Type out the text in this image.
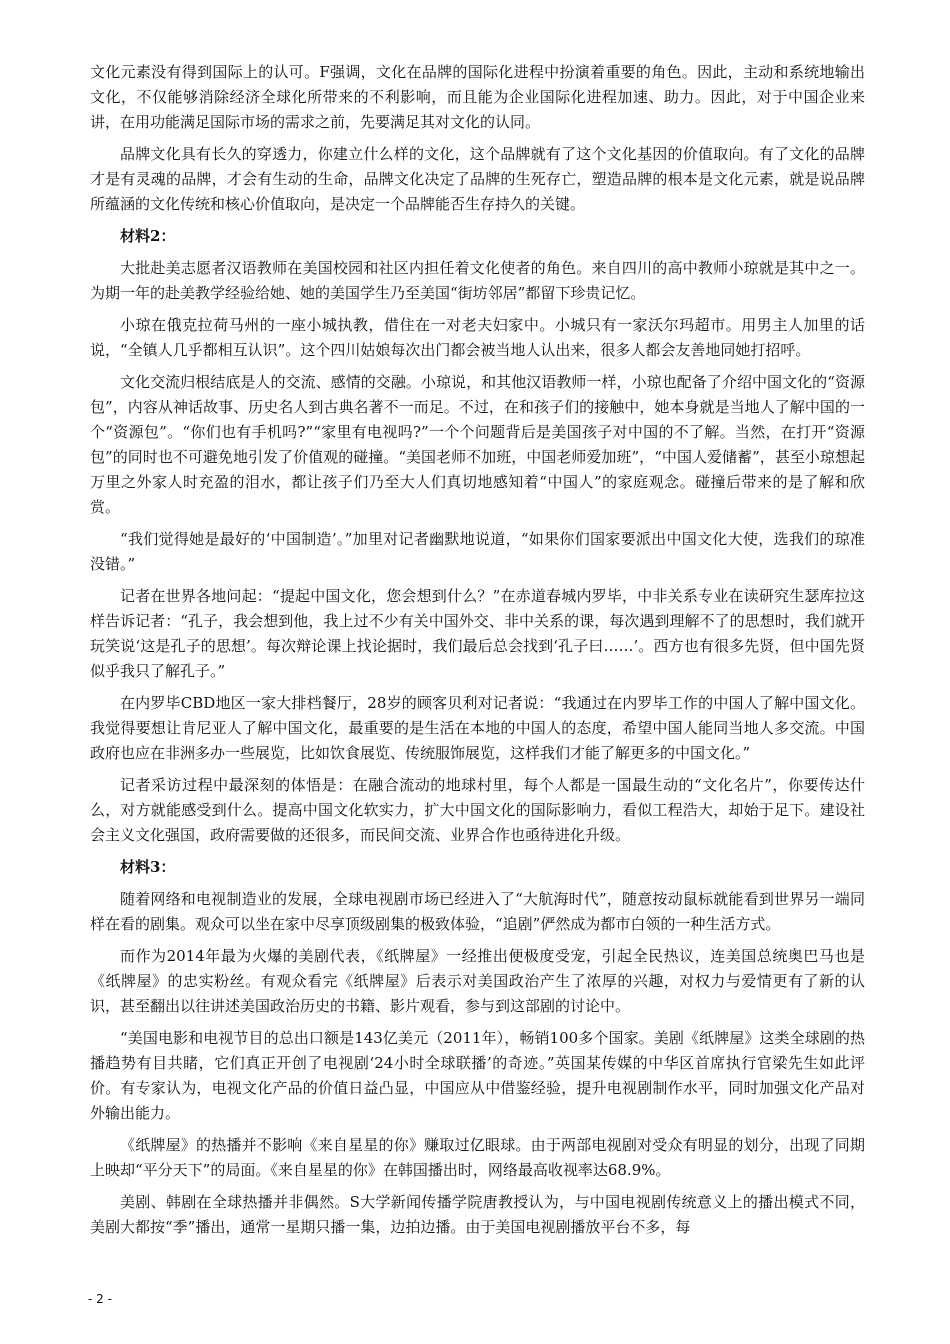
文化元素没有得到国际上的认可。F强调，文化在品牌的国际化进程中扮演着重要的角色。因此，主动和系统地输出文化，不仅能够消除经济全球化所带来的不利影响，而且能为企业国际化进程加速、助力。因此，对于中国企业来讲，在用功能满足国际市场的需求之前，先要满足其对文化的认同。

品牌文化具有长久的穿透力，你建立什么样的文化，这个品牌就有了这个文化基因的价值取向。有了文化的品牌才是有灵魂的品牌，才会有生动的生命，品牌文化决定了品牌的生死存亡，塑造品牌的根本是文化元素，就是说品牌所蕴涵的文化传统和核心价值取向，是决定一个品牌能否生存持久的关键。

材料2：

大批赴美志愿者汉语教师在美国校园和社区内担任着文化使者的角色。来自四川的高中教师小琼就是其中之一。为期一年的赴美教学经验给她、她的美国学生乃至美国“街坊邻居”都留下珍贵记忆。

小琼在俄克拉荷马州的一座小城执教，借住在一对老夫妇家中。小城只有一家沃尔玛超市。用男主人加里的话说，“全镇人几乎都相互认识”。这个四川姑娘每次出门都会被当地人认出来，很多人都会友善地同她打招呼。

文化交流归根结底是人的交流、感情的交融。小琼说，和其他汉语教师一样，小琼也配备了介绍中国文化的“资源包”，内容从神话故事、历史名人到古典名著不一而足。不过，在和孩子们的接触中，她本身就是当地人了解中国的一个“资源包”。“你们也有手机吗?”“家里有电视吗?”一个个问题背后是美国孩子对中国的不了解。当然，在打开“资源包”的同时也不可避免地引发了价值观的碰撞。“美国老师不加班，中国老师爱加班”，“中国人爱储蓄”，甚至小琼想起万里之外家人时充盈的泪水，都让孩子们乃至大人们真切地感知着“中国人”的家庭观念。碰撞后带来的是了解和欣赏。

“我们觉得她是最好的‘中国制造’。”加里对记者幽默地说道，“如果你们国家要派出中国文化大使，选我们的琼准没错。”

记者在世界各地问起：“提起中国文化，您会想到什么？”在赤道春城内罗毕，中非关系专业在读研究生瑟库拉这样告诉记者：“孔子，我会想到他，我上过不少有关中国外交、非中关系的课，每次遇到理解不了的思想时，我们就开玩笑说‘这是孔子的思想’。每次辩论课上找论据时，我们最后总会找到‘孔子曰……’。西方也有很多先贤，但中国先贤似乎我只了解孔子。”

在内罗毕CBD地区一家大排档餐厅，28岁的顾客贝利对记者说：“我通过在内罗毕工作的中国人了解中国文化。我觉得要想让肯尼亚人了解中国文化，最重要的是生活在本地的中国人的态度，希望中国人能同当地人多交流。中国政府也应在非洲多办一些展览，比如饮食展览、传统服饰展览，这样我们才能了解更多的中国文化。”

记者采访过程中最深刻的体悟是：在融合流动的地球村里，每个人都是一国最生动的“文化名片”，你要传达什么，对方就能感受到什么。提高中国文化软实力，扩大中国文化的国际影响力，看似工程浩大，却始于足下。建设社会主义文化强国，政府需要做的还很多，而民间交流、业界合作也亟待进化升级。

材料3：

随着网络和电视制造业的发展，全球电视剧市场已经进入了“大航海时代”，随意按动鼠标就能看到世界另一端同样在看的剧集。观众可以坐在家中尽享顶级剧集的极致体验，“追剧”俨然成为都市白领的一种生活方式。

而作为2014年最为火爆的美剧代表，《纸牌屋》一经推出便极度受宠，引起全民热议，连美国总统奥巴马也是《纸牌屋》的忠实粉丝。有观众看完《纸牌屋》后表示对美国政治产生了浓厚的兴趣，对权力与爱情更有了新的认识，甚至翻出以往讲述美国政治历史的书籍、影片观看，参与到这部剧的讨论中。

“美国电影和电视节目的总出口额是143亿美元（2011年），畅销100多个国家。美剧《纸牌屋》这类全球剧的热播趋势有目共睹，它们真正开创了电视剧‘24小时全球联播’的奇迹。”英国某传媒的中华区首席执行官梁先生如此评价。有专家认为，电视文化产品的价值日益凸显，中国应从中借鉴经验，提升电视剧制作水平，同时加强文化产品对外输出能力。

《纸牌屋》的热播并不影响《来自星星的你》赚取过亿眼球。由于两部电视剧对受众有明显的划分，出现了同期上映却“平分天下”的局面。《来自星星的你》在韩国播出时，网络最高收视率达68.9%。

美剧、韩剧在全球热播并非偶然。S大学新闻传播学院唐教授认为，与中国电视剧传统意义上的播出模式不同，美剧大都按“季”播出，通常一星期只播一集，边拍边播。由于美国电视剧播放平台不多，每

- 2 -
